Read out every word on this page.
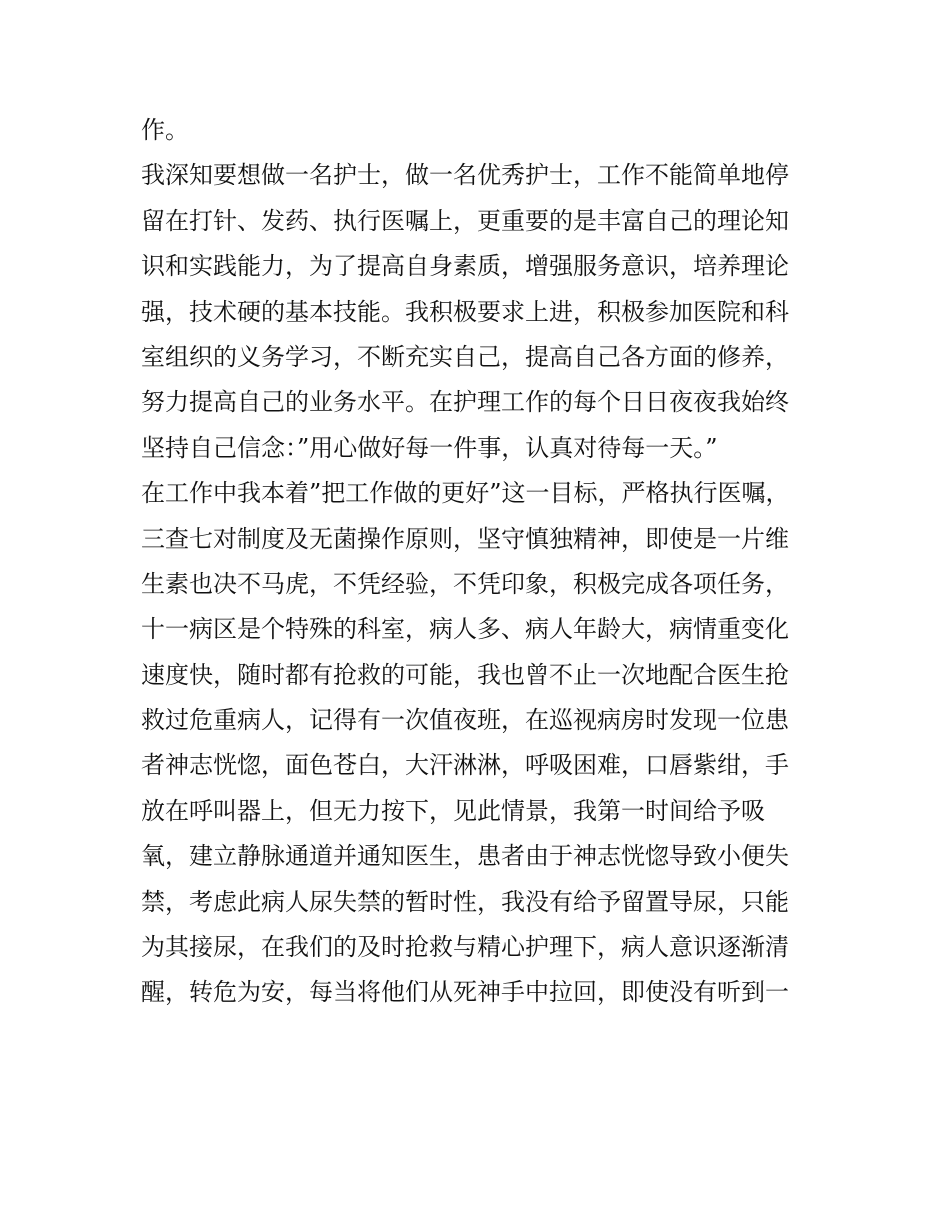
作。
我深知要想做一名护士，做一名优秀护士，工作不能简单地停
留在打针、发药、执行医嘱上，更重要的是丰富自己的理论知
识和实践能力，为了提高自身素质，增强服务意识，培养理论
强，技术硬的基本技能。我积极要求上进，积极参加医院和科
室组织的义务学习，不断充实自己，提高自己各方面的修养，
努力提高自己的业务水平。在护理工作的每个日日夜夜我始终
坚持自己信念：”用心做好每一件事，认真对待每一天。”
在工作中我本着”把工作做的更好”这一目标，严格执行医嘱，
三查七对制度及无菌操作原则，坚守慎独精神，即使是一片维
生素也决不马虎，不凭经验，不凭印象，积极完成各项任务，
十一病区是个特殊的科室，病人多、病人年龄大，病情重变化
速度快，随时都有抢救的可能，我也曾不止一次地配合医生抢
救过危重病人，记得有一次值夜班，在巡视病房时发现一位患
者神志恍惚，面色苍白，大汗淋淋，呼吸困难，口唇紫绀，手
放在呼叫器上，但无力按下，见此情景，我第一时间给予吸
氧，建立静脉通道并通知医生，患者由于神志恍惚导致小便失
禁，考虑此病人尿失禁的暂时性，我没有给予留置导尿，只能
为其接尿，在我们的及时抢救与精心护理下，病人意识逐渐清
醒，转危为安，每当将他们从死神手中拉回，即使没有听到一
